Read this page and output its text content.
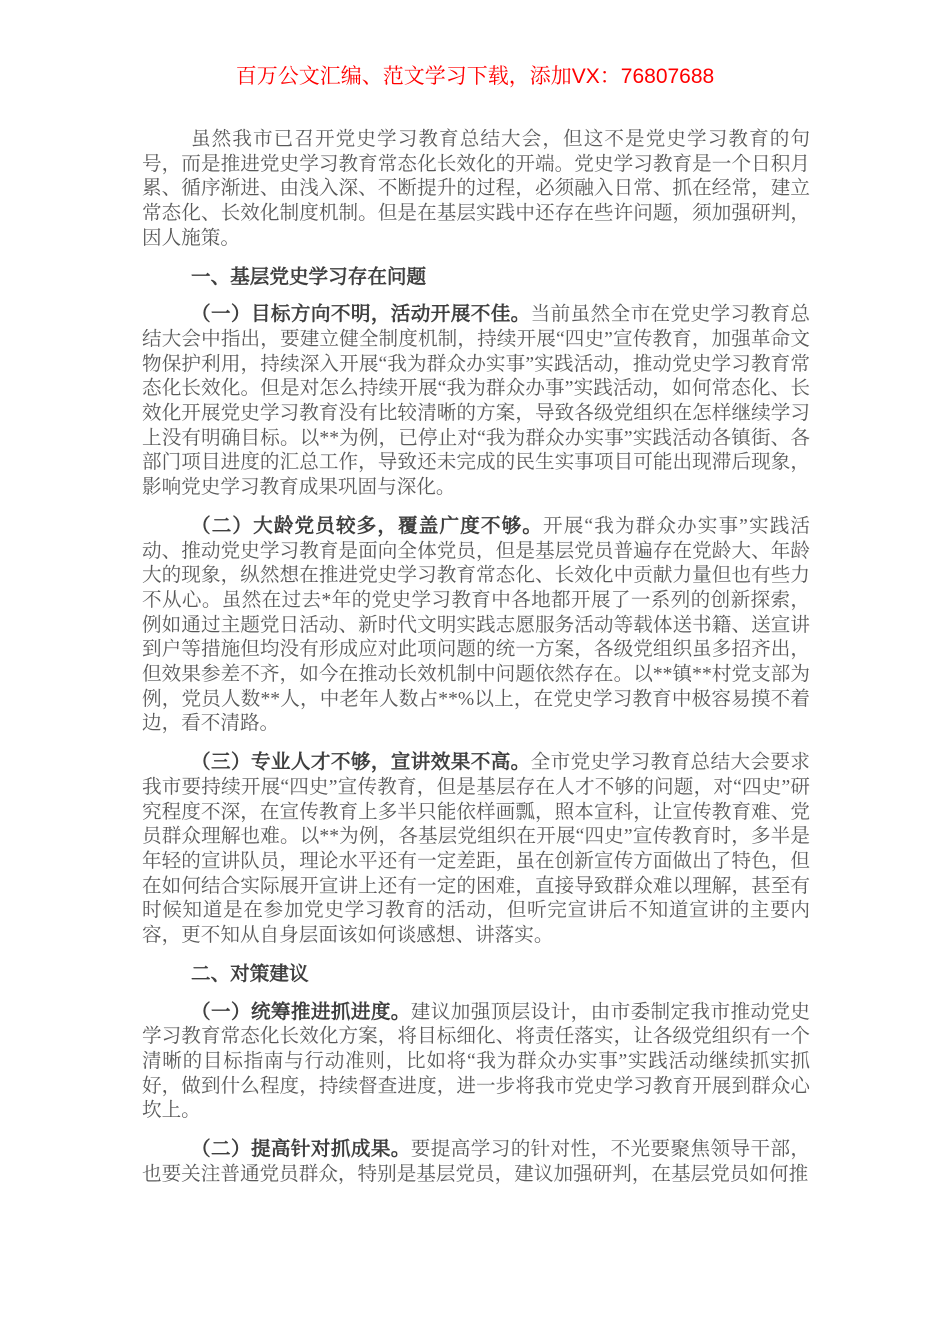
百万公文汇编、范文学习下载，添加VX：76807688

虽然我市已召开党史学习教育总结大会，但这不是党史学习教育的句号，而是推进党史学习教育常态化长效化的开端。党史学习教育是一个日积月累、循序渐进、由浅入深、不断提升的过程，必须融入日常、抓在经常，建立常态化、长效化制度机制。但是在基层实践中还存在些许问题，须加强研判，因人施策。

一、基层党史学习存在问题

（一）目标方向不明，活动开展不佳。当前虽然全市在党史学习教育总结大会中指出，要建立健全制度机制，持续开展“四史”宣传教育，加强革命文物保护利用，持续深入开展“我为群众办实事”实践活动，推动党史学习教育常态化长效化。但是对怎么持续开展“我为群众办事”实践活动，如何常态化、长效化开展党史学习教育没有比较清晰的方案，导致各级党组织在怎样继续学习上没有明确目标。以**为例，已停止对“我为群众办实事”实践活动各镇街、各部门项目进度的汇总工作，导致还未完成的民生实事项目可能出现滞后现象，影响党史学习教育成果巩固与深化。

（二）大龄党员较多，覆盖广度不够。开展“我为群众办实事”实践活动、推动党史学习教育是面向全体党员，但是基层党员普遍存在党龄大、年龄大的现象，纵然想在推进党史学习教育常态化、长效化中贡献力量但也有些力不从心。虽然在过去*年的党史学习教育中各地都开展了一系列的创新探索，例如通过主题党日活动、新时代文明实践志愿服务活动等载体送书籍、送宣讲到户等措施但均没有形成应对此项问题的统一方案，各级党组织虽多招齐出，但效果参差不齐，如今在推动长效机制中问题依然存在。以**镇**村党支部为例，党员人数**人，中老年人数占**%以上，在党史学习教育中极容易摸不着边，看不清路。

（三）专业人才不够，宣讲效果不高。全市党史学习教育总结大会要求我市要持续开展“四史”宣传教育，但是基层存在人才不够的问题，对“四史”研究程度不深，在宣传教育上多半只能依样画瓢，照本宣科，让宣传教育难、党员群众理解也难。以**为例，各基层党组织在开展“四史”宣传教育时，多半是年轻的宣讲队员，理论水平还有一定差距，虽在创新宣传方面做出了特色，但在如何结合实际展开宣讲上还有一定的困难，直接导致群众难以理解，甚至有时候知道是在参加党史学习教育的活动，但听完宣讲后不知道宣讲的主要内容，更不知从自身层面该如何谈感想、讲落实。

二、对策建议

（一）统筹推进抓进度。建议加强顶层设计，由市委制定我市推动党史学习教育常态化长效化方案，将目标细化、将责任落实，让各级党组织有一个清晰的目标指南与行动准则，比如将“我为群众办实事”实践活动继续抓实抓好，做到什么程度，持续督查进度，进一步将我市党史学习教育开展到群众心坎上。

（二）提高针对抓成果。要提高学习的针对性，不光要聚焦领导干部，也要关注普通党员群众，特别是基层党员，建议加强研判，在基层党员如何推
